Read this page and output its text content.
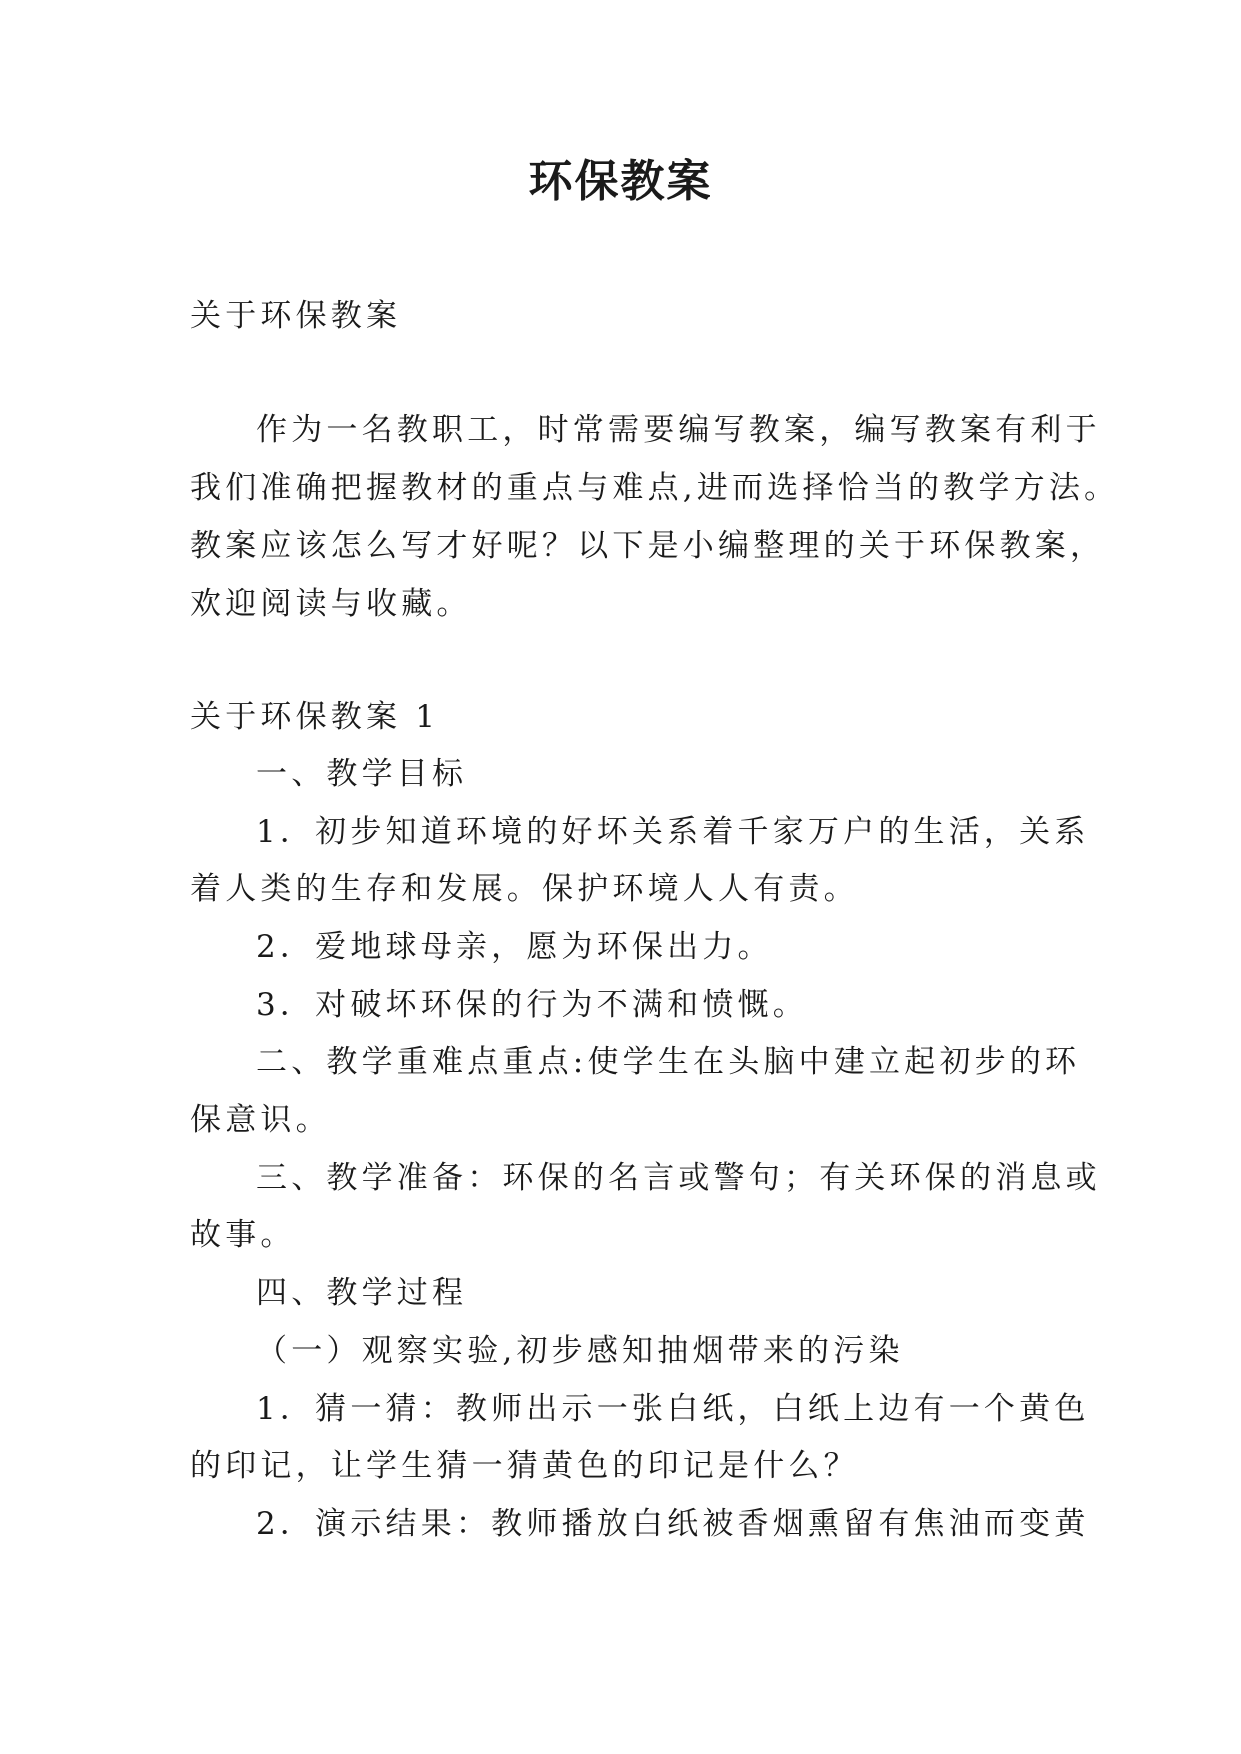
环保教案
关于环保教案
作为一名教职工，时常需要编写教案，编写教案有利于
我们准确把握教材的重点与难点,进而选择恰当的教学方法。
教案应该怎么写才好呢？以下是小编整理的关于环保教案，
欢迎阅读与收藏。
关于环保教案 1
一、教学目标
1．初步知道环境的好坏关系着千家万户的生活，关系
着人类的生存和发展。保护环境人人有责。
2．爱地球母亲，愿为环保出力。
3．对破坏环保的行为不满和愤慨。
二、教学重难点重点:使学生在头脑中建立起初步的环
保意识。
三、教学准备：环保的名言或警句；有关环保的消息或
故事。
四、教学过程
（一）观察实验,初步感知抽烟带来的污染
1．猜一猜：教师出示一张白纸，白纸上边有一个黄色
的印记，让学生猜一猜黄色的印记是什么？
2．演示结果：教师播放白纸被香烟熏留有焦油而变黄
